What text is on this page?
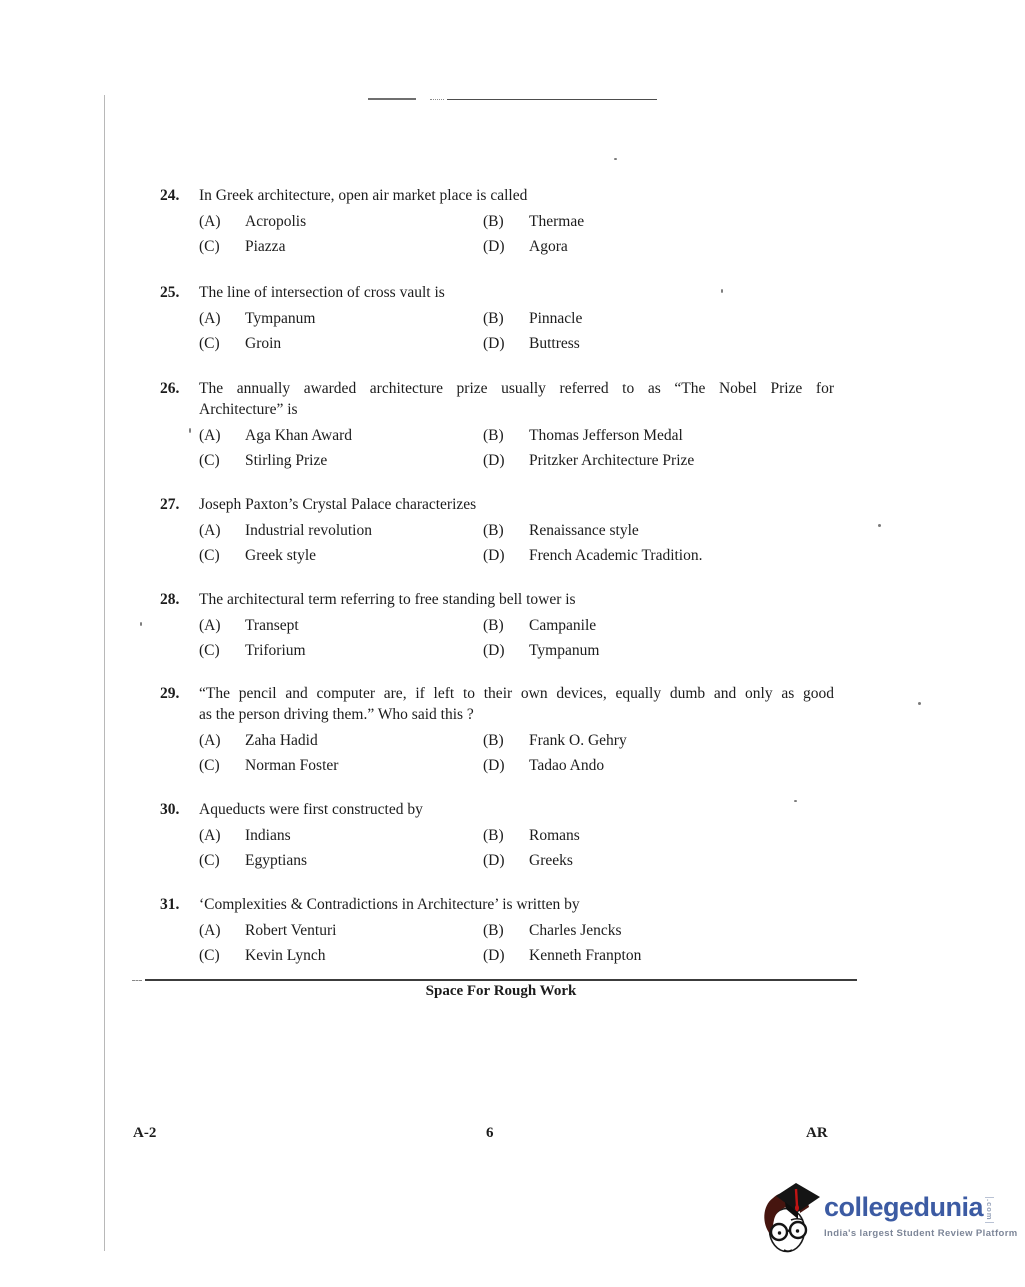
24.	In Greek architecture, open air market place is called
(A)	Acropolis	(B)	Thermae
(C)	Piazza	(D)	Agora
25.	The line of intersection of cross vault is
(A)	Tympanum	(B)	Pinnacle
(C)	Groin	(D)	Buttress
26.	The annually awarded architecture prize usually referred to as “The Nobel Prize for
Architecture” is
(A)	Aga Khan Award	(B)	Thomas Jefferson Medal
(C)	Stirling Prize	(D)	Pritzker Architecture Prize
27.	Joseph Paxton’s Crystal Palace characterizes
(A)	Industrial revolution	(B)	Renaissance style
(C)	Greek style	(D)	French Academic Tradition.
28.	The architectural term referring to free standing bell tower is
(A)	Transept	(B)	Campanile
(C)	Triforium	(D)	Tympanum
29.	“The pencil and computer are, if left to their own devices, equally dumb and only as good
as the person driving them.” Who said this ?
(A)	Zaha Hadid	(B)	Frank O. Gehry
(C)	Norman Foster	(D)	Tadao Ando
30.	Aqueducts were first constructed by
(A)	Indians	(B)	Romans
(C)	Egyptians	(D)	Greeks
31.	‘Complexities & Contradictions in Architecture’ is written by
(A)	Robert Venturi	(B)	Charles Jencks
(C)	Kevin Lynch	(D)	Kenneth Franpton
Space For Rough Work
A-2	6	AR
collegedunia .com
India's largest Student Review Platform
